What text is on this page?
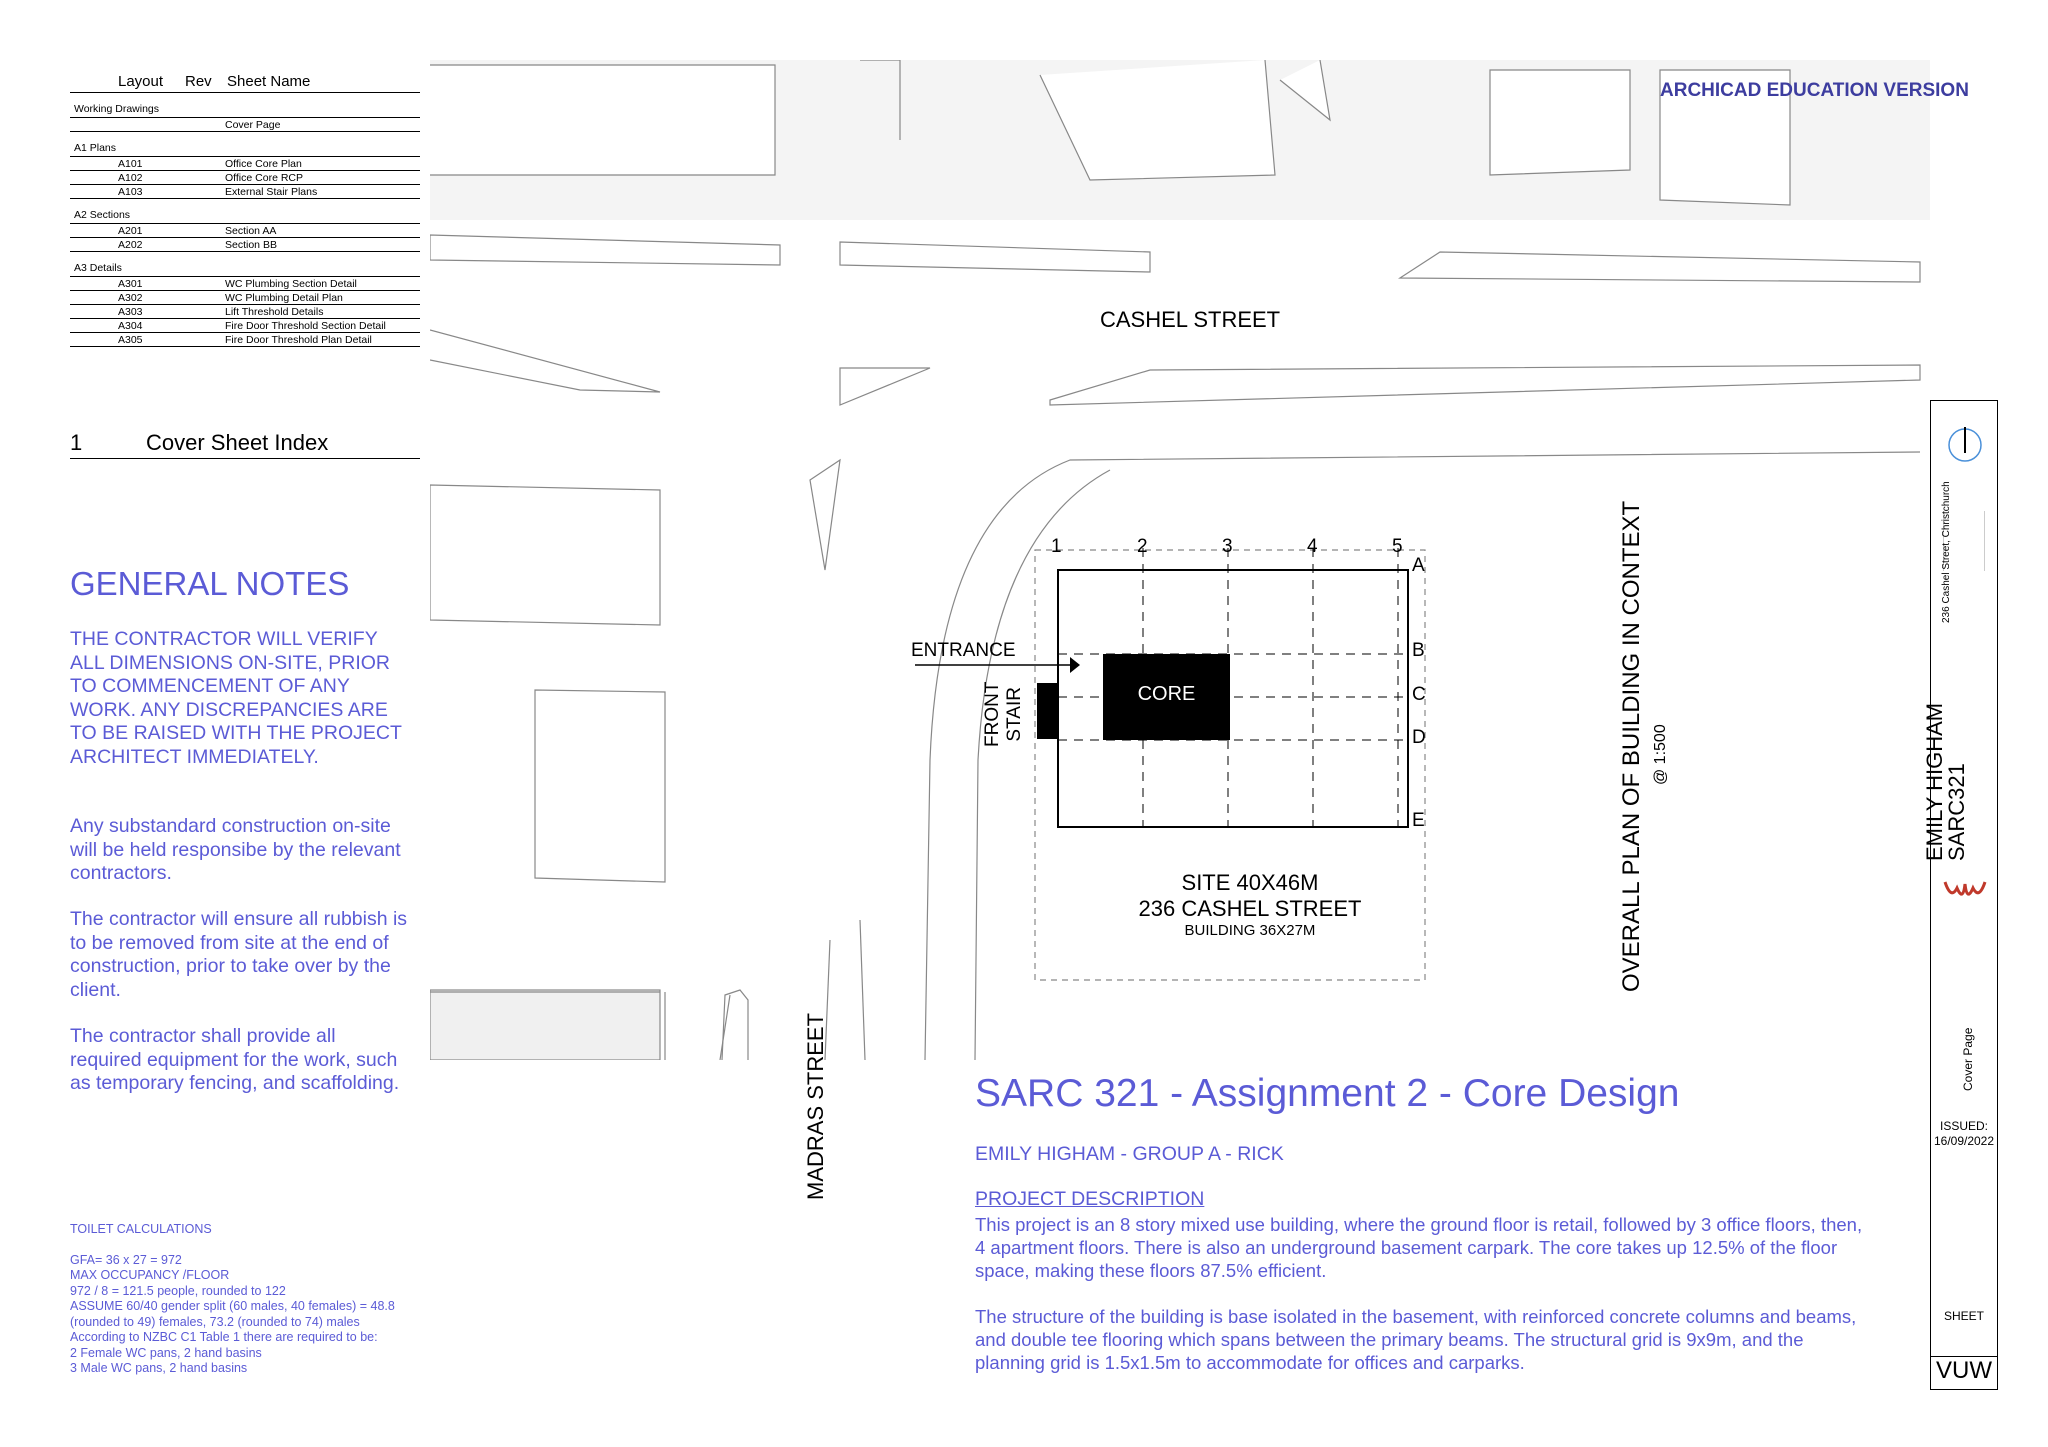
Layout	Rev	Sheet Name
Working Drawings
Cover Page
A1 Plans
A101	Office Core Plan
A102	Office Core RCP
A103	External Stair Plans
A2 Sections
A201	Section AA
A202	Section BB
A3 Details
A301	WC Plumbing Section Detail
A302	WC Plumbing Detail Plan
A303	Lift Threshold Details
A304	Fire Door Threshold Section Detail
A305	Fire Door Threshold Plan Detail
1	Cover Sheet Index
GENERAL NOTES
THE CONTRACTOR WILL VERIFY ALL DIMENSIONS ON-SITE, PRIOR TO COMMENCEMENT OF ANY WORK. ANY DISCREPANCIES ARE TO BE RAISED WITH THE PROJECT ARCHITECT IMMEDIATELY.
Any substandard construction on-site will be held responsibe by the relevant contractors.
The contractor will ensure all rubbish is to be removed from site at the end of construction, prior to take over by the client.
The contractor shall provide all required equipment for the work, such as temporary fencing, and scaffolding.
TOILET CALCULATIONS
GFA= 36 x 27 = 972
MAX OCCUPANCY /FLOOR
972 / 8 = 121.5 people, rounded to 122
ASSUME 60/40 gender split (60 males, 40 females) = 48.8 (rounded to 49) females, 73.2 (rounded to 74) males
According to NZBC C1 Table 1 there are required to be:
2 Female WC pans, 2 hand basins
3 Male WC pans, 2 hand basins
CASHEL STREET
MADRAS STREET
ENTRANCE
FRONT STAIR	CORE
1	2	3	4	5
A
B
C
D
E
SITE 40X46M
236 CASHEL STREET
BUILDING 36X27M	OVERALL PLAN OF BUILDING IN CONTEXT @ 1:500
ARCHICAD EDUCATION VERSION
SARC 321 - Assignment 2 - Core Design
EMILY HIGHAM - GROUP A - RICK
PROJECT DESCRIPTION
This project is an 8 story mixed use building, where the ground floor is retail, followed by 3 office floors, then, 4 apartment floors. There is also an underground basement carpark. The core takes up 12.5% of the floor space, making these floors 87.5% efficient.
The structure of the building is base isolated in the basement, with reinforced concrete columns and beams, and double tee flooring which spans between the primary beams. The structural grid is 9x9m, and the planning grid is 1.5x1.5m to accommodate for offices and carparks.
236 Cashel Street, Christchurch
EMILY HIGHAM
SARC321
Cover Page
ISSUED:
16/09/2022
SHEET
VUW
